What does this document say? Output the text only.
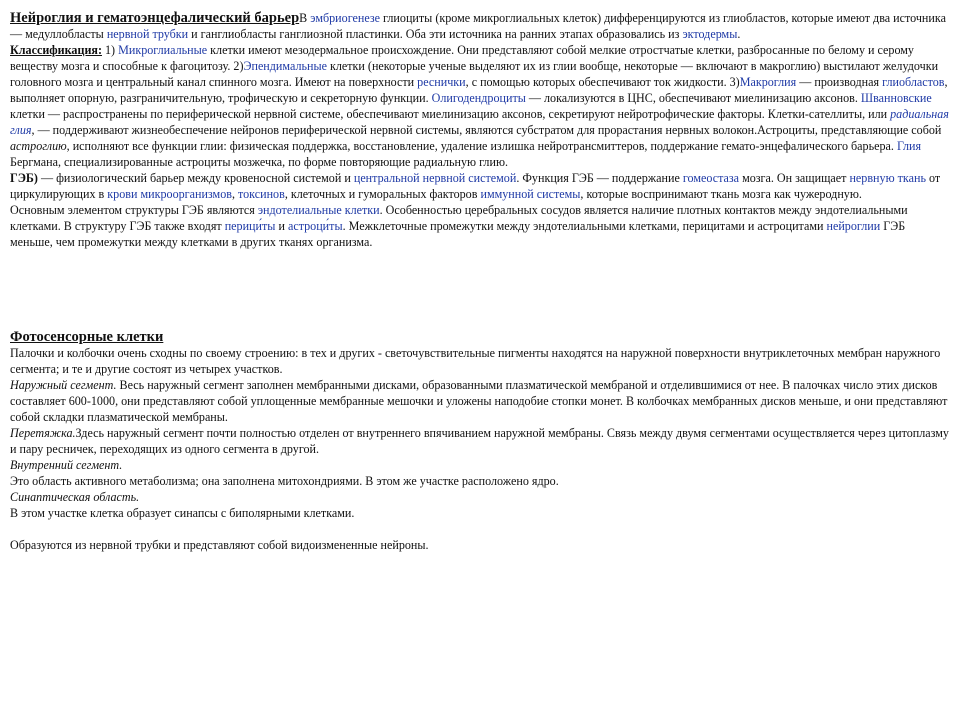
Нейроглия и гематоэнцефалический барьерВ эмбриогенезе глиоциты (кроме микроглиальных клеток) дифференцируются из глиобластов, которые имеют два источника — медуллобласты нервной трубки и ганглиобласты ганглиозной пластинки. Оба эти источника на ранних этапах образовались из эктодермы.
Классификация: 1) Микроглиальные клетки имеют мезодермальное происхождение. Они представляют собой мелкие отростчатые клетки, разбросанные по белому и серому веществу мозга и способные к фагоцитозу. 2)Эпендимальные клетки (некоторые ученые выделяют их из глии вообще, некоторые — включают в макроглию) выстилают желудочки головного мозга и центральный канал спинного мозга. Имеют на поверхности реснички, с помощью которых обеспечивают ток жидкости. 3)Макроглия — производная глиобластов, выполняет опорную, разграничительную, трофическую и секреторную функции. Олигодендроциты — локализуются в ЦНС, обеспечивают миелинизацию аксонов. Шванновские клетки — распространены по периферической нервной системе, обеспечивают миелинизацию аксонов, секретируют нейротрофические факторы. Клетки-сателлиты, или радиальная глия, — поддерживают жизнеобеспечение нейронов периферической нервной системы, являются субстратом для прорастания нервных волокон.Астроциты, представляющие собой астроглию, исполняют все функции глии: физическая поддержка, восстановление, удаление излишка нейротрансмиттеров, поддержание гемато-энцефалического барьера. Глия Бергмана, специализированные астроциты мозжечка, по форме повторяющие радиальную глию.
ГЭБ) — физиологический барьер между кровеносной системой и центральной нервной системой. Функция ГЭБ — поддержание гомеостаза мозга. Он защищает нервную ткань от циркулирующих в крови микроорганизмов, токсинов, клеточных и гуморальных факторов иммунной системы, которые воспринимают ткань мозга как чужеродную.
Основным элементом структуры ГЭБ являются эндотелиальные клетки. Особенностью церебральных сосудов является наличие плотных контактов между эндотелиальными клетками. В структуру ГЭБ также входят перици́ты и астроци́ты. Межклеточные промежутки между эндотелиальными клетками, перицитами и астроцитами нейроглии ГЭБ меньше, чем промежутки между клетками в других тканях организма.
Фотосенсорные клетки
Палочки и колбочки очень сходны по своему строению: в тех и других - светочувствительные пигменты находятся на наружной поверхности внутриклеточных мембран наружного сегмента; и те и другие состоят из четырех участков.
Наружный сегмент. Весь наружный сегмент заполнен мембранными дисками, образованными плазматической мембраной и отделившимися от нее. В палочках число этих дисков составляет 600-1000, они представляют собой уплощенные мембранные мешочки и уложены наподобие стопки монет. В колбочках мембранных дисков меньше, и они представляют собой складки плазматической мембраны.
Перетяжка.Здесь наружный сегмент почти полностью отделен от внутреннего впячиванием наружной мембраны. Связь между двумя сегментами осуществляется через цитоплазму и пару ресничек, переходящих из одного сегмента в другой.
Внутренний сегмент.
Это область активного метаболизма; она заполнена митохондриями. В этом же участке расположено ядро.
Синаптическая область.
В этом участке клетка образует синапсы с биполярными клетками.
Образуются из нервной трубки и представляют собой видоизмененные нейроны.
